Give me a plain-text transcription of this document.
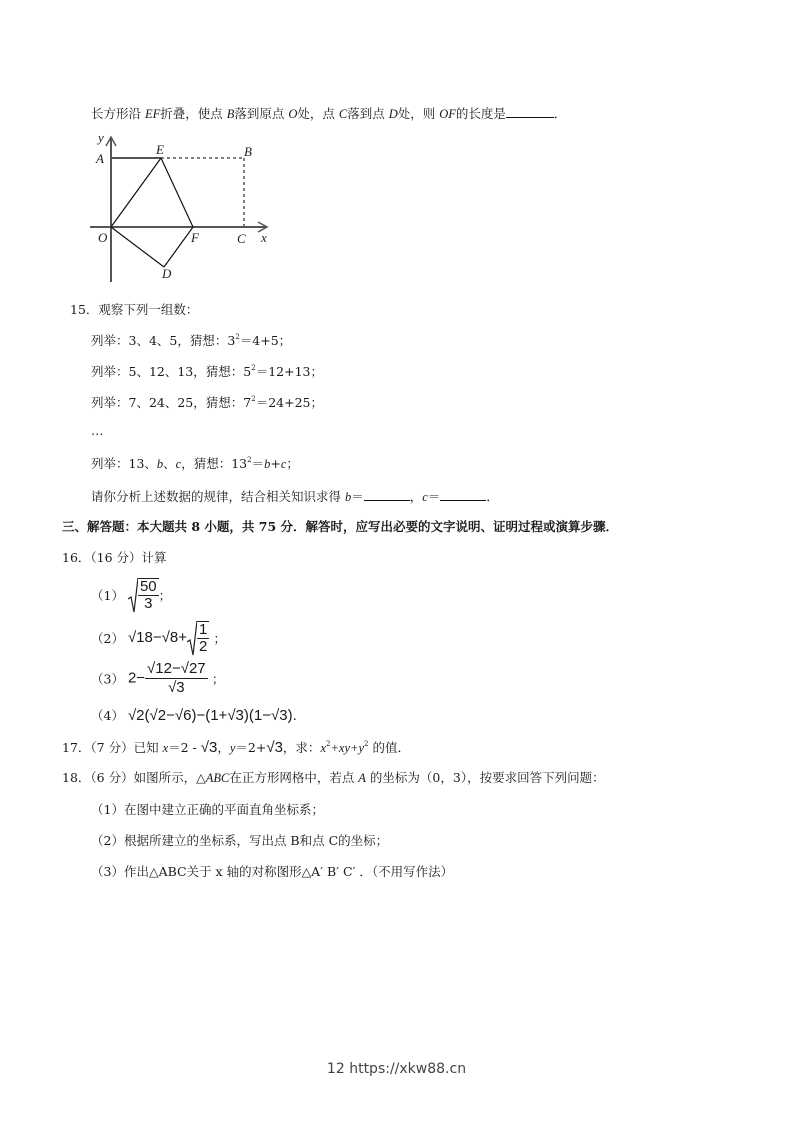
长方形沿 EF折叠，使点 B落到原点 O处，点 C落到点 D处，则 OF的长度是	．
y
A
E	B
O	F	C x
D
15．观察下列一组数：
列举：3、4、5，猜想：$3^2=4+5$；
列举：5、12、13，猜想：$5^2=12+13$；
列举：7、24、25，猜想：$7^2=24+25$；
…
列举：13、b、c，猜想：$13^2=b+c$；
请你分析上述数据的规律，结合相关知识求得 b＝	，c＝	．
三、解答题：本大题共 8 小题，共 75 分．解答时，应写出必要的文字说明、证明过程或演算步骤．
16．（16 分）计算
$(1) \frac{50}{3}$ ；
（2） $√18-√8+ \frac{1}{2}$ ；
（3） $2- \frac{√12-√27}{√3}$ ；
（4） √2(√2−√6)−(1+√3)(1−√3).
17．（7 分）已知 x＝2 - √3，y＝2+√3，求：$x^2+xy+y^2$ 的值．
18．（6 分）如图所示，△ABC在正方形网格中，若点 A 的坐标为（0，3），按要求回答下列问题：
（1）在图中建立正确的平面直角坐标系；
（2）根据所建立的坐标系，写出点 B和点 C的坐标；
（3）作出△ABC关于 x 轴的对称图形△A′ B′ C′ ．（不用写作法）
12 https://xkw88.cn
